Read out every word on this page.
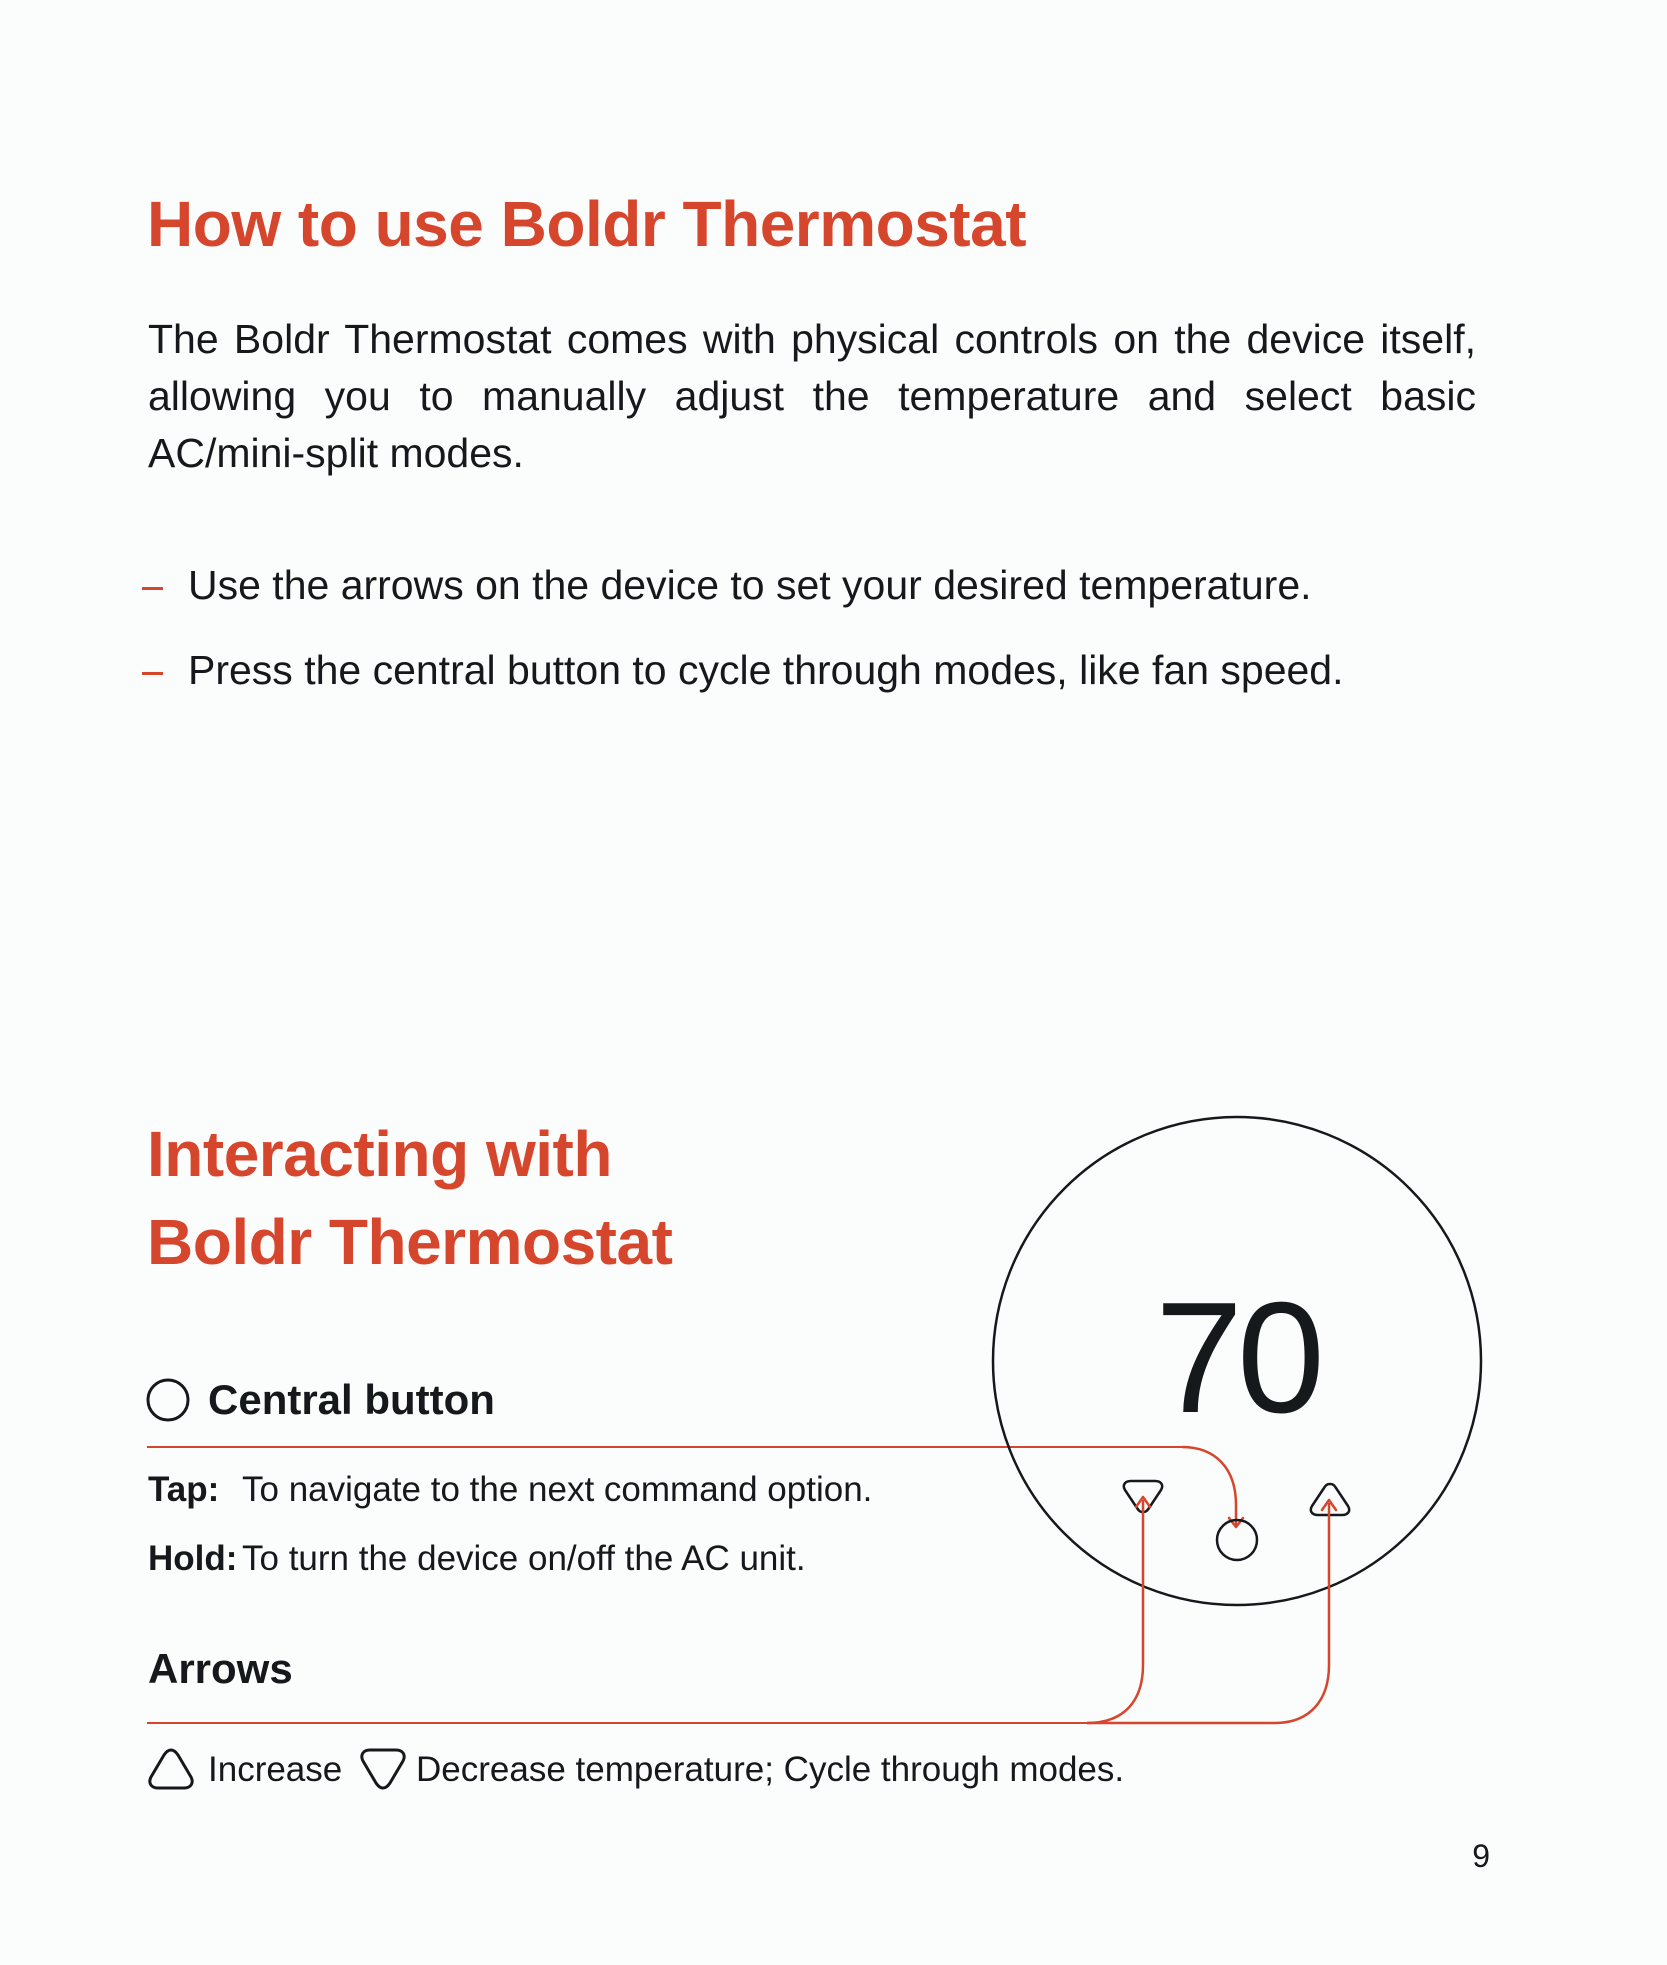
How to use Boldr Thermostat

The Boldr Thermostat comes with physical controls on the device itself, allowing you to manually adjust the temperature and select basic AC/mini-split modes.

Use the arrows on the device to set your desired temperature.
Press the central button to cycle through modes, like fan speed.
Interacting with
Boldr Thermostat
Central button
Tap: To navigate to the next command option.
Hold: To turn the device on/off the AC unit.
Arrows
Increase Decrease temperature; Cycle through modes.
70
9
